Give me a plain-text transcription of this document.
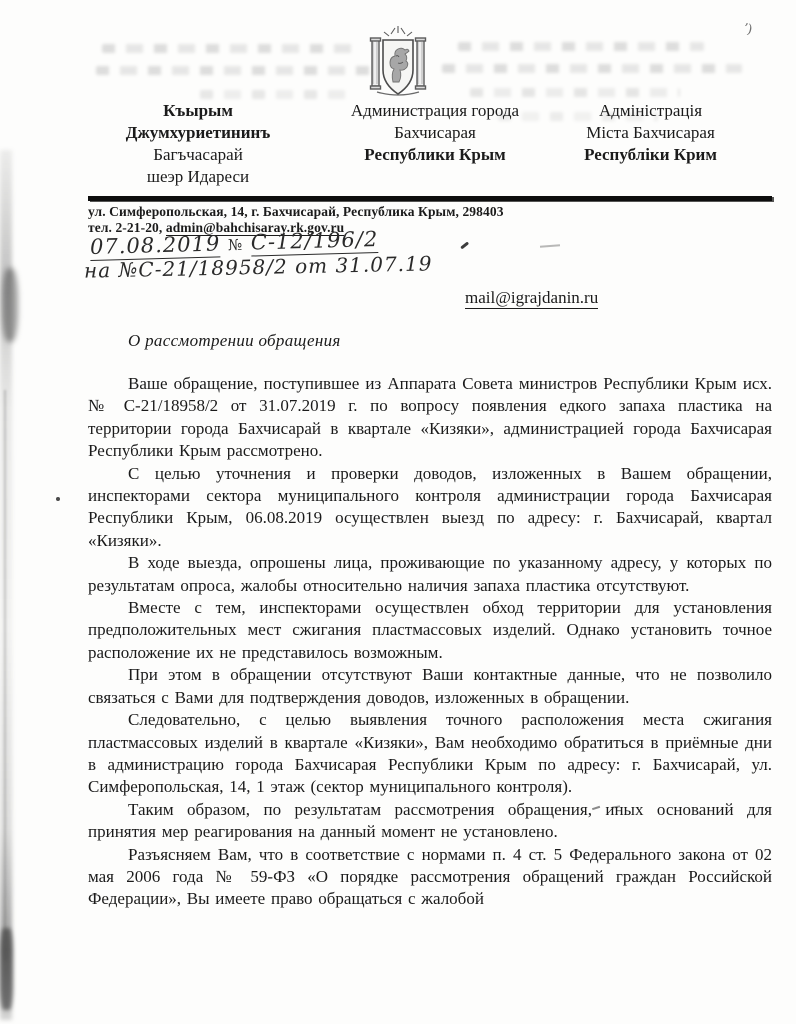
ʼ)
Къырым
Джумхуриетининъ
Багъчасарай
шеэр Идареси
Администрация города
Бахчисарая
Республики Крым
Адміністрація
Міста Бахчисарая
Республіки Крим
ул. Симферопольская, 14, г. Бахчисарай, Республика Крым, 298403
тел. 2-21-20, admin@bahchisaray.rk.gov.ru
07.08.2019 № С-12/196/2
на №С-21/18958/2 от 31.07.19
mail@igrajdanin.ru
О рассмотрении обращения

Ваше обращение, поступившее из Аппарата Совета министров Республики Крым исх. № С-21/18958/2 от 31.07.2019 г. по вопросу появления едкого запаха пластика на территории города Бахчисарай в квартале «Кизяки», администрацией города Бахчисарая Республики Крым рассмотрено.

С целью уточнения и проверки доводов, изложенных в Вашем обращении, инспекторами сектора муниципального контроля администрации города Бахчисарая Республики Крым, 06.08.2019 осуществлен выезд по адресу: г. Бахчисарай, квартал «Кизяки».

В ходе выезда, опрошены лица, проживающие по указанному адресу, у которых по результатам опроса, жалобы относительно наличия запаха пластика отсутствуют.

Вместе с тем, инспекторами осуществлен обход территории для установления предположительных мест сжигания пластмассовых изделий. Однако установить точное расположение их не представилось возможным.

При этом в обращении отсутствуют Ваши контактные данные, что не позволило связаться с Вами для подтверждения доводов, изложенных в обращении.

Следовательно, с целью выявления точного расположения места сжигания пластмассовых изделий в квартале «Кизяки», Вам необходимо обратиться в приёмные дни в администрацию города Бахчисарая Республики Крым по адресу: г. Бахчисарай, ул. Симферопольская, 14, 1 этаж (сектор муниципального контроля).

Таким образом, по результатам рассмотрения обращения, иных оснований для принятия мер реагирования на данный момент не установлено.

Разъясняем Вам, что в соответствие с нормами п. 4 ст. 5 Федерального закона от 02 мая 2006 года № 59-ФЗ «О порядке рассмотрения обращений граждан Российской Федерации», Вы имеете право обращаться с жалобой
